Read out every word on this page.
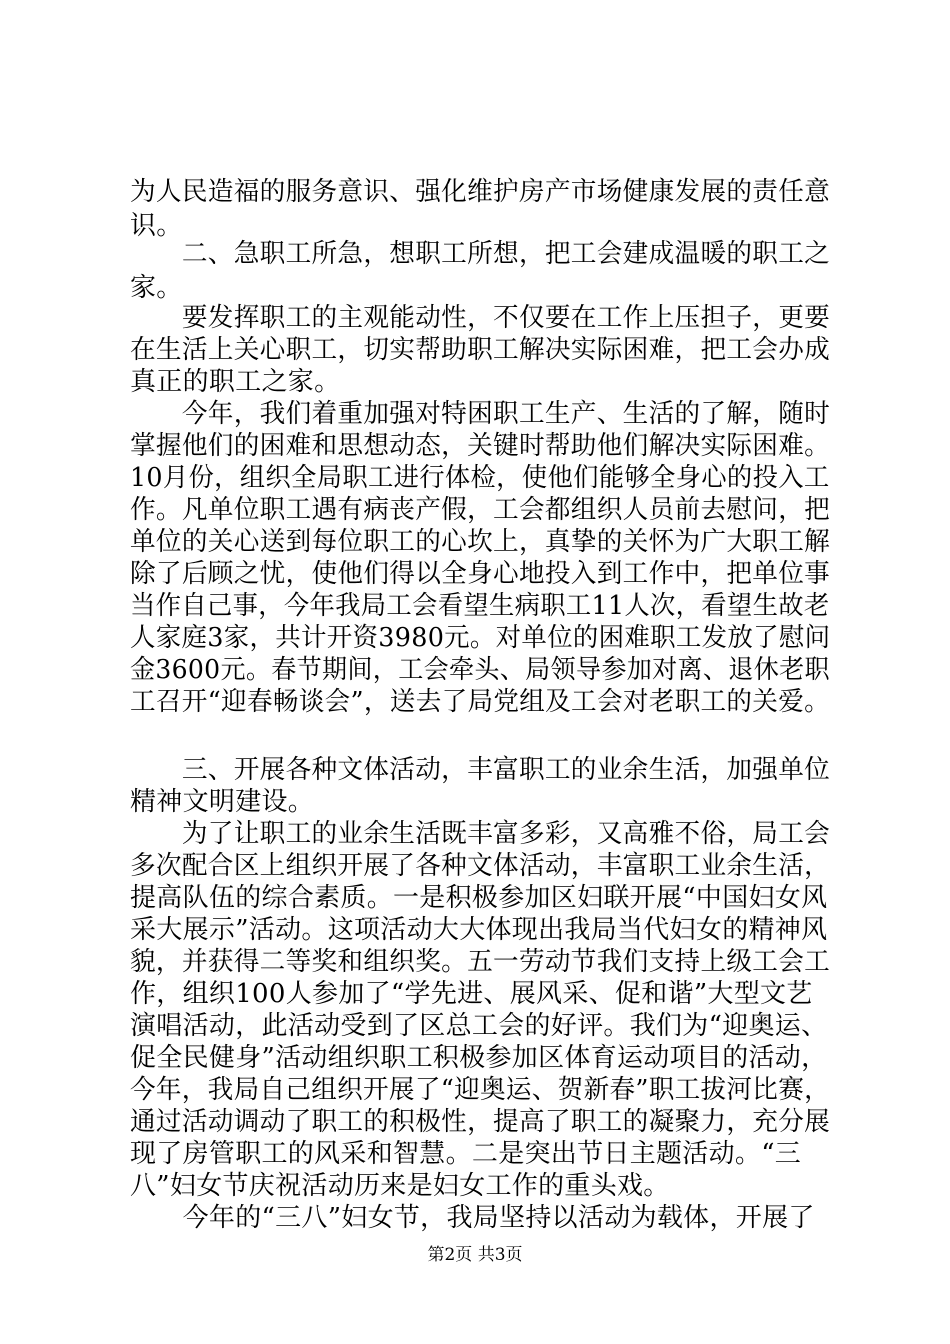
为人民造福的服务意识、强化维护房产市场健康发展的责任意
识。
　　二、急职工所急，想职工所想，把工会建成温暖的职工之
家。
　　要发挥职工的主观能动性，不仅要在工作上压担子，更要
在生活上关心职工，切实帮助职工解决实际困难，把工会办成
真正的职工之家。
　　今年，我们着重加强对特困职工生产、生活的了解，随时
掌握他们的困难和思想动态，关键时帮助他们解决实际困难。
10月份，组织全局职工进行体检，使他们能够全身心的投入工
作。凡单位职工遇有病丧产假，工会都组织人员前去慰问，把
单位的关心送到每位职工的心坎上，真挚的关怀为广大职工解
除了后顾之忧，使他们得以全身心地投入到工作中，把单位事
当作自己事，今年我局工会看望生病职工11人次，看望生故老
人家庭3家，共计开资3980元。对单位的困难职工发放了慰问
金3600元。春节期间，工会牵头、局领导参加对离、退休老职
工召开“迎春畅谈会”，送去了局党组及工会对老职工的关爱。
　　三、开展各种文体活动，丰富职工的业余生活，加强单位
精神文明建设。
　　为了让职工的业余生活既丰富多彩，又高雅不俗，局工会
多次配合区上组织开展了各种文体活动，丰富职工业余生活，
提高队伍的综合素质。一是积极参加区妇联开展“中国妇女风
采大展示”活动。这项活动大大体现出我局当代妇女的精神风
貌，并获得二等奖和组织奖。五一劳动节我们支持上级工会工
作，组织100人参加了“学先进、展风采、促和谐”大型文艺
演唱活动，此活动受到了区总工会的好评。我们为“迎奥运、
促全民健身”活动组织职工积极参加区体育运动项目的活动，
今年，我局自己组织开展了“迎奥运、贺新春”职工拔河比赛，
通过活动调动了职工的积极性，提高了职工的凝聚力，充分展
现了房管职工的风采和智慧。二是突出节日主题活动。“三
八”妇女节庆祝活动历来是妇女工作的重头戏。
　　今年的“三八”妇女节，我局坚持以活动为载体，开展了
第2页 共3页
